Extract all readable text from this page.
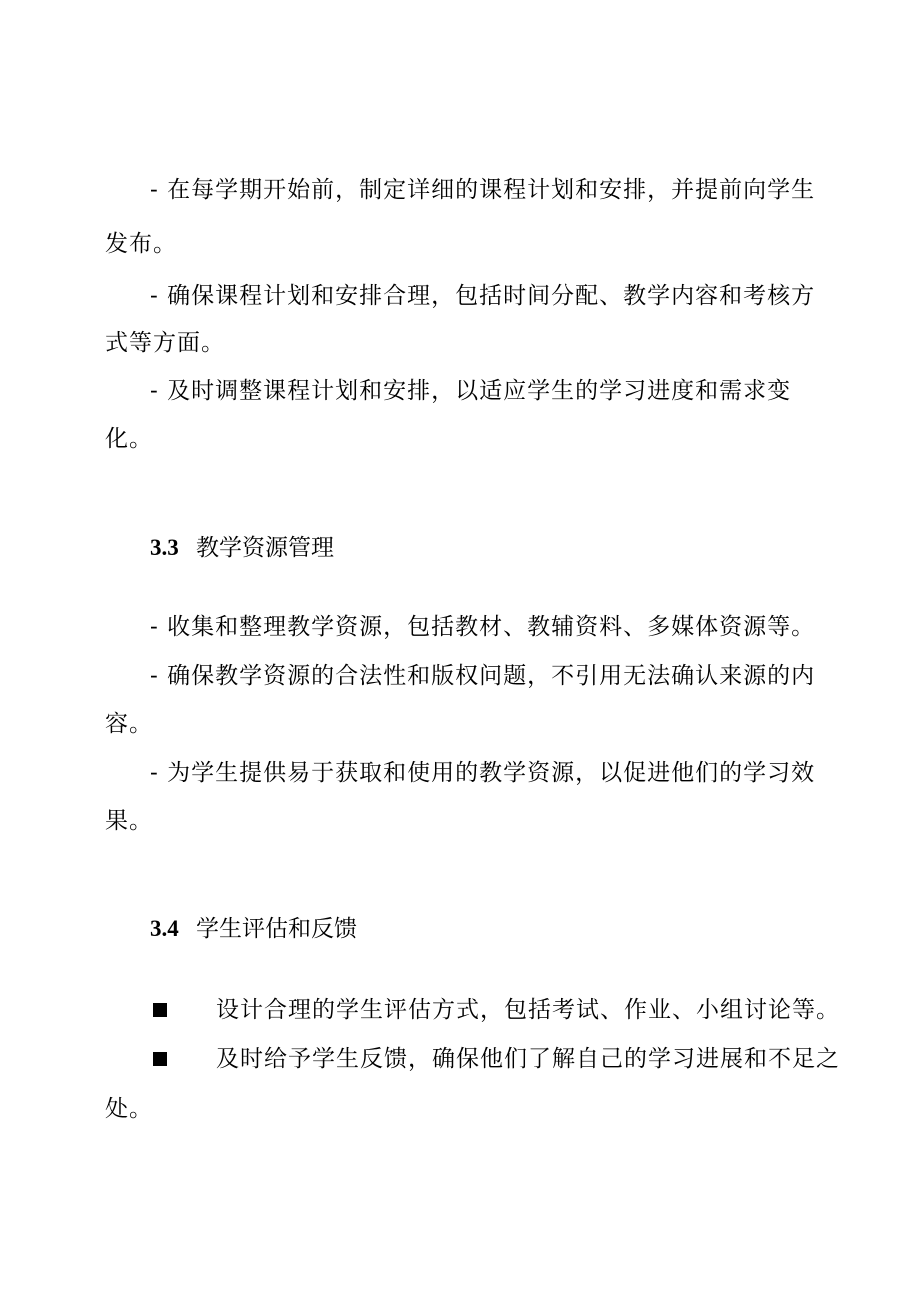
- 在每学期开始前，制定详细的课程计划和安排，并提前向学生
发布。
- 确保课程计划和安排合理，包括时间分配、教学内容和考核方
式等方面。
- 及时调整课程计划和安排，以适应学生的学习进度和需求变
化。
3.3 教学资源管理
- 收集和整理教学资源，包括教材、教辅资料、多媒体资源等。
- 确保教学资源的合法性和版权问题，不引用无法确认来源的内
容。
- 为学生提供易于获取和使用的教学资源，以促进他们的学习效
果。
3.4 学生评估和反馈
设计合理的学生评估方式，包括考试、作业、小组讨论等。
及时给予学生反馈，确保他们了解自己的学习进展和不足之
处。
